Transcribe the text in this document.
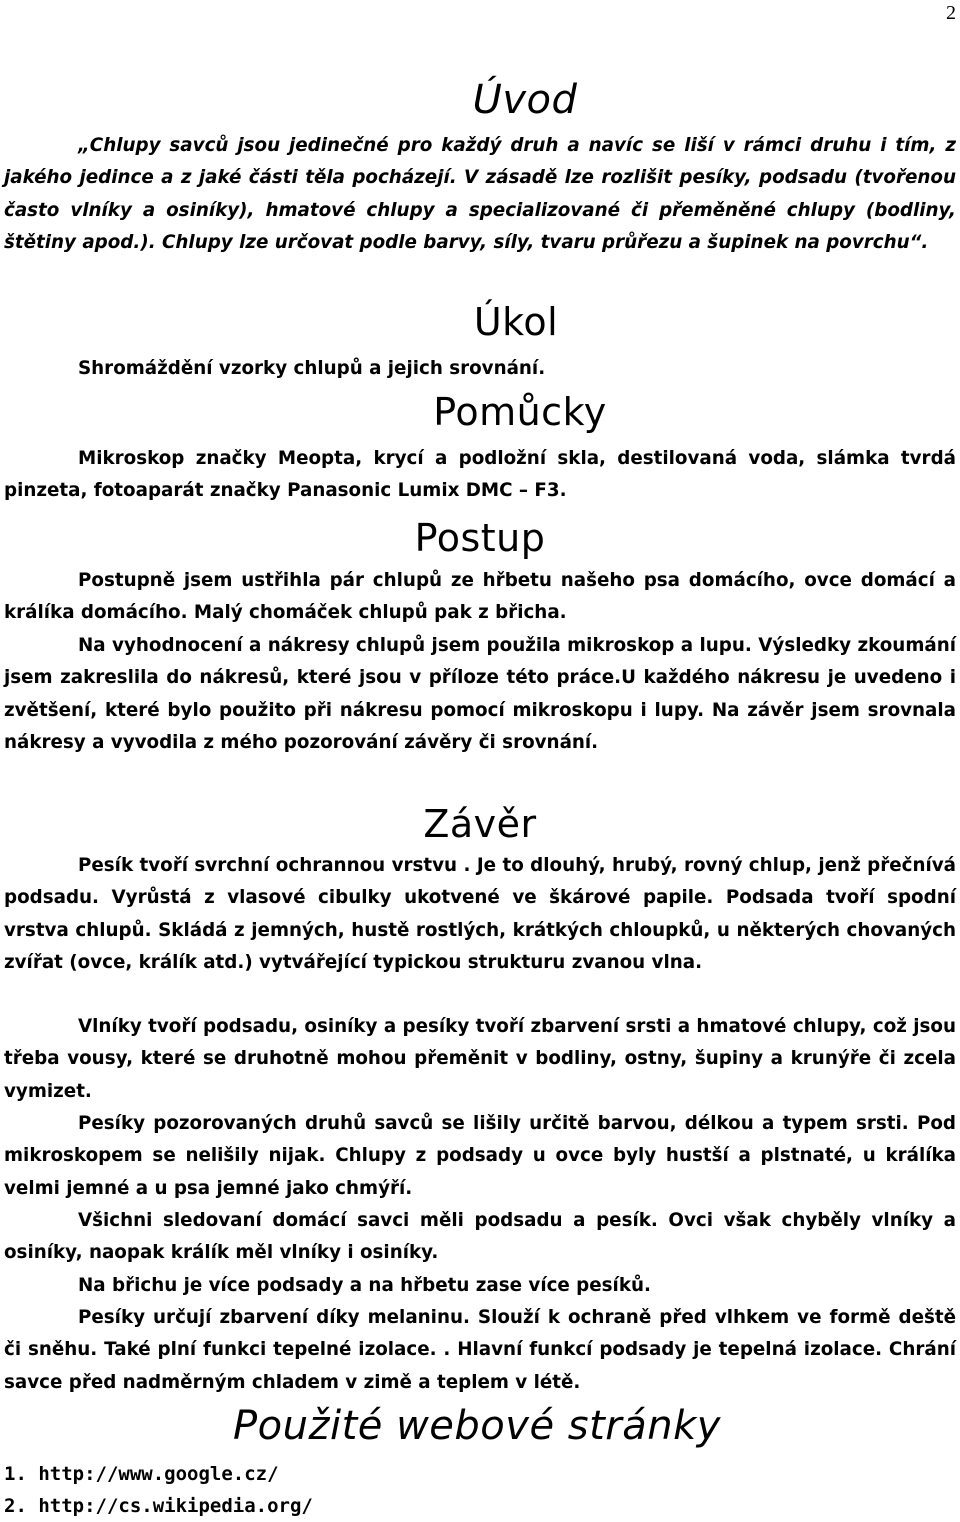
2
Úvod
„Chlupy savců jsou jedinečné pro každý druh a navíc se liší v rámci druhu i tím, z jakého jedince a z jaké části těla pocházejí. V zásadě lze rozlišit pesíky, podsadu (tvořenou často vlníky a osiníky), hmatové chlupy a specializované či přeměněné chlupy (bodliny, štětiny apod.). Chlupy lze určovat podle barvy, síly, tvaru průřezu a šupinek na povrchu“.
Úkol
Shromáždění vzorky chlupů a jejich srovnání.
Pomůcky
Mikroskop značky Meopta, krycí a podložní skla, destilovaná voda, slámka tvrdá pinzeta, fotoaparát značky Panasonic Lumix DMC – F3.
Postup
Postupně jsem ustřihla pár chlupů ze hřbetu našeho psa domácího, ovce domácí a králíka domácího. Malý chomáček chlupů pak z břicha.
Na vyhodnocení a nákresy chlupů jsem použila mikroskop a lupu. Výsledky zkoumání jsem zakreslila do nákresů, které jsou v příloze této práce.U každého nákresu je uvedeno i zvětšení, které bylo použito při nákresu pomocí mikroskopu i lupy. Na závěr jsem srovnala nákresy a vyvodila z mého pozorování závěry či srovnání.
Závěr
Pesík tvoří svrchní ochrannou vrstvu . Je to dlouhý, hrubý, rovný chlup, jenž přečnívá podsadu. Vyrůstá z vlasové cibulky ukotvené ve škárové papile. Podsada tvoří spodní vrstva chlupů. Skládá z jemných, hustě rostlých, krátkých chloupků, u některých chovaných zvířat (ovce, králík atd.) vytvářející typickou strukturu zvanou vlna.
Vlníky tvoří podsadu, osiníky a pesíky tvoří zbarvení srsti a hmatové chlupy, což jsou třeba vousy, které se druhotně mohou přeměnit v bodliny, ostny, šupiny a krunýře či zcela vymizet.
Pesíky pozorovaných druhů savců se lišily určitě barvou, délkou a typem srsti. Pod mikroskopem se nelišily nijak. Chlupy z podsady u ovce byly hustší a plstnaté, u králíka velmi jemné a u psa jemné jako chmýří.
Všichni sledovaní domácí savci měli podsadu a pesík. Ovci však chyběly vlníky a osiníky, naopak králík měl vlníky i osiníky.
Na břichu je více podsady a na hřbetu zase více pesíků.
Pesíky určují zbarvení díky melaninu. Slouží k ochraně před vlhkem ve formě deště či sněhu. Také plní funkci tepelné izolace. . Hlavní funkcí podsady je tepelná izolace. Chrání savce před nadměrným chladem v zimě a teplem v létě.
Použité webové stránky
1. http://www.google.cz/
2. http://cs.wikipedia.org/
